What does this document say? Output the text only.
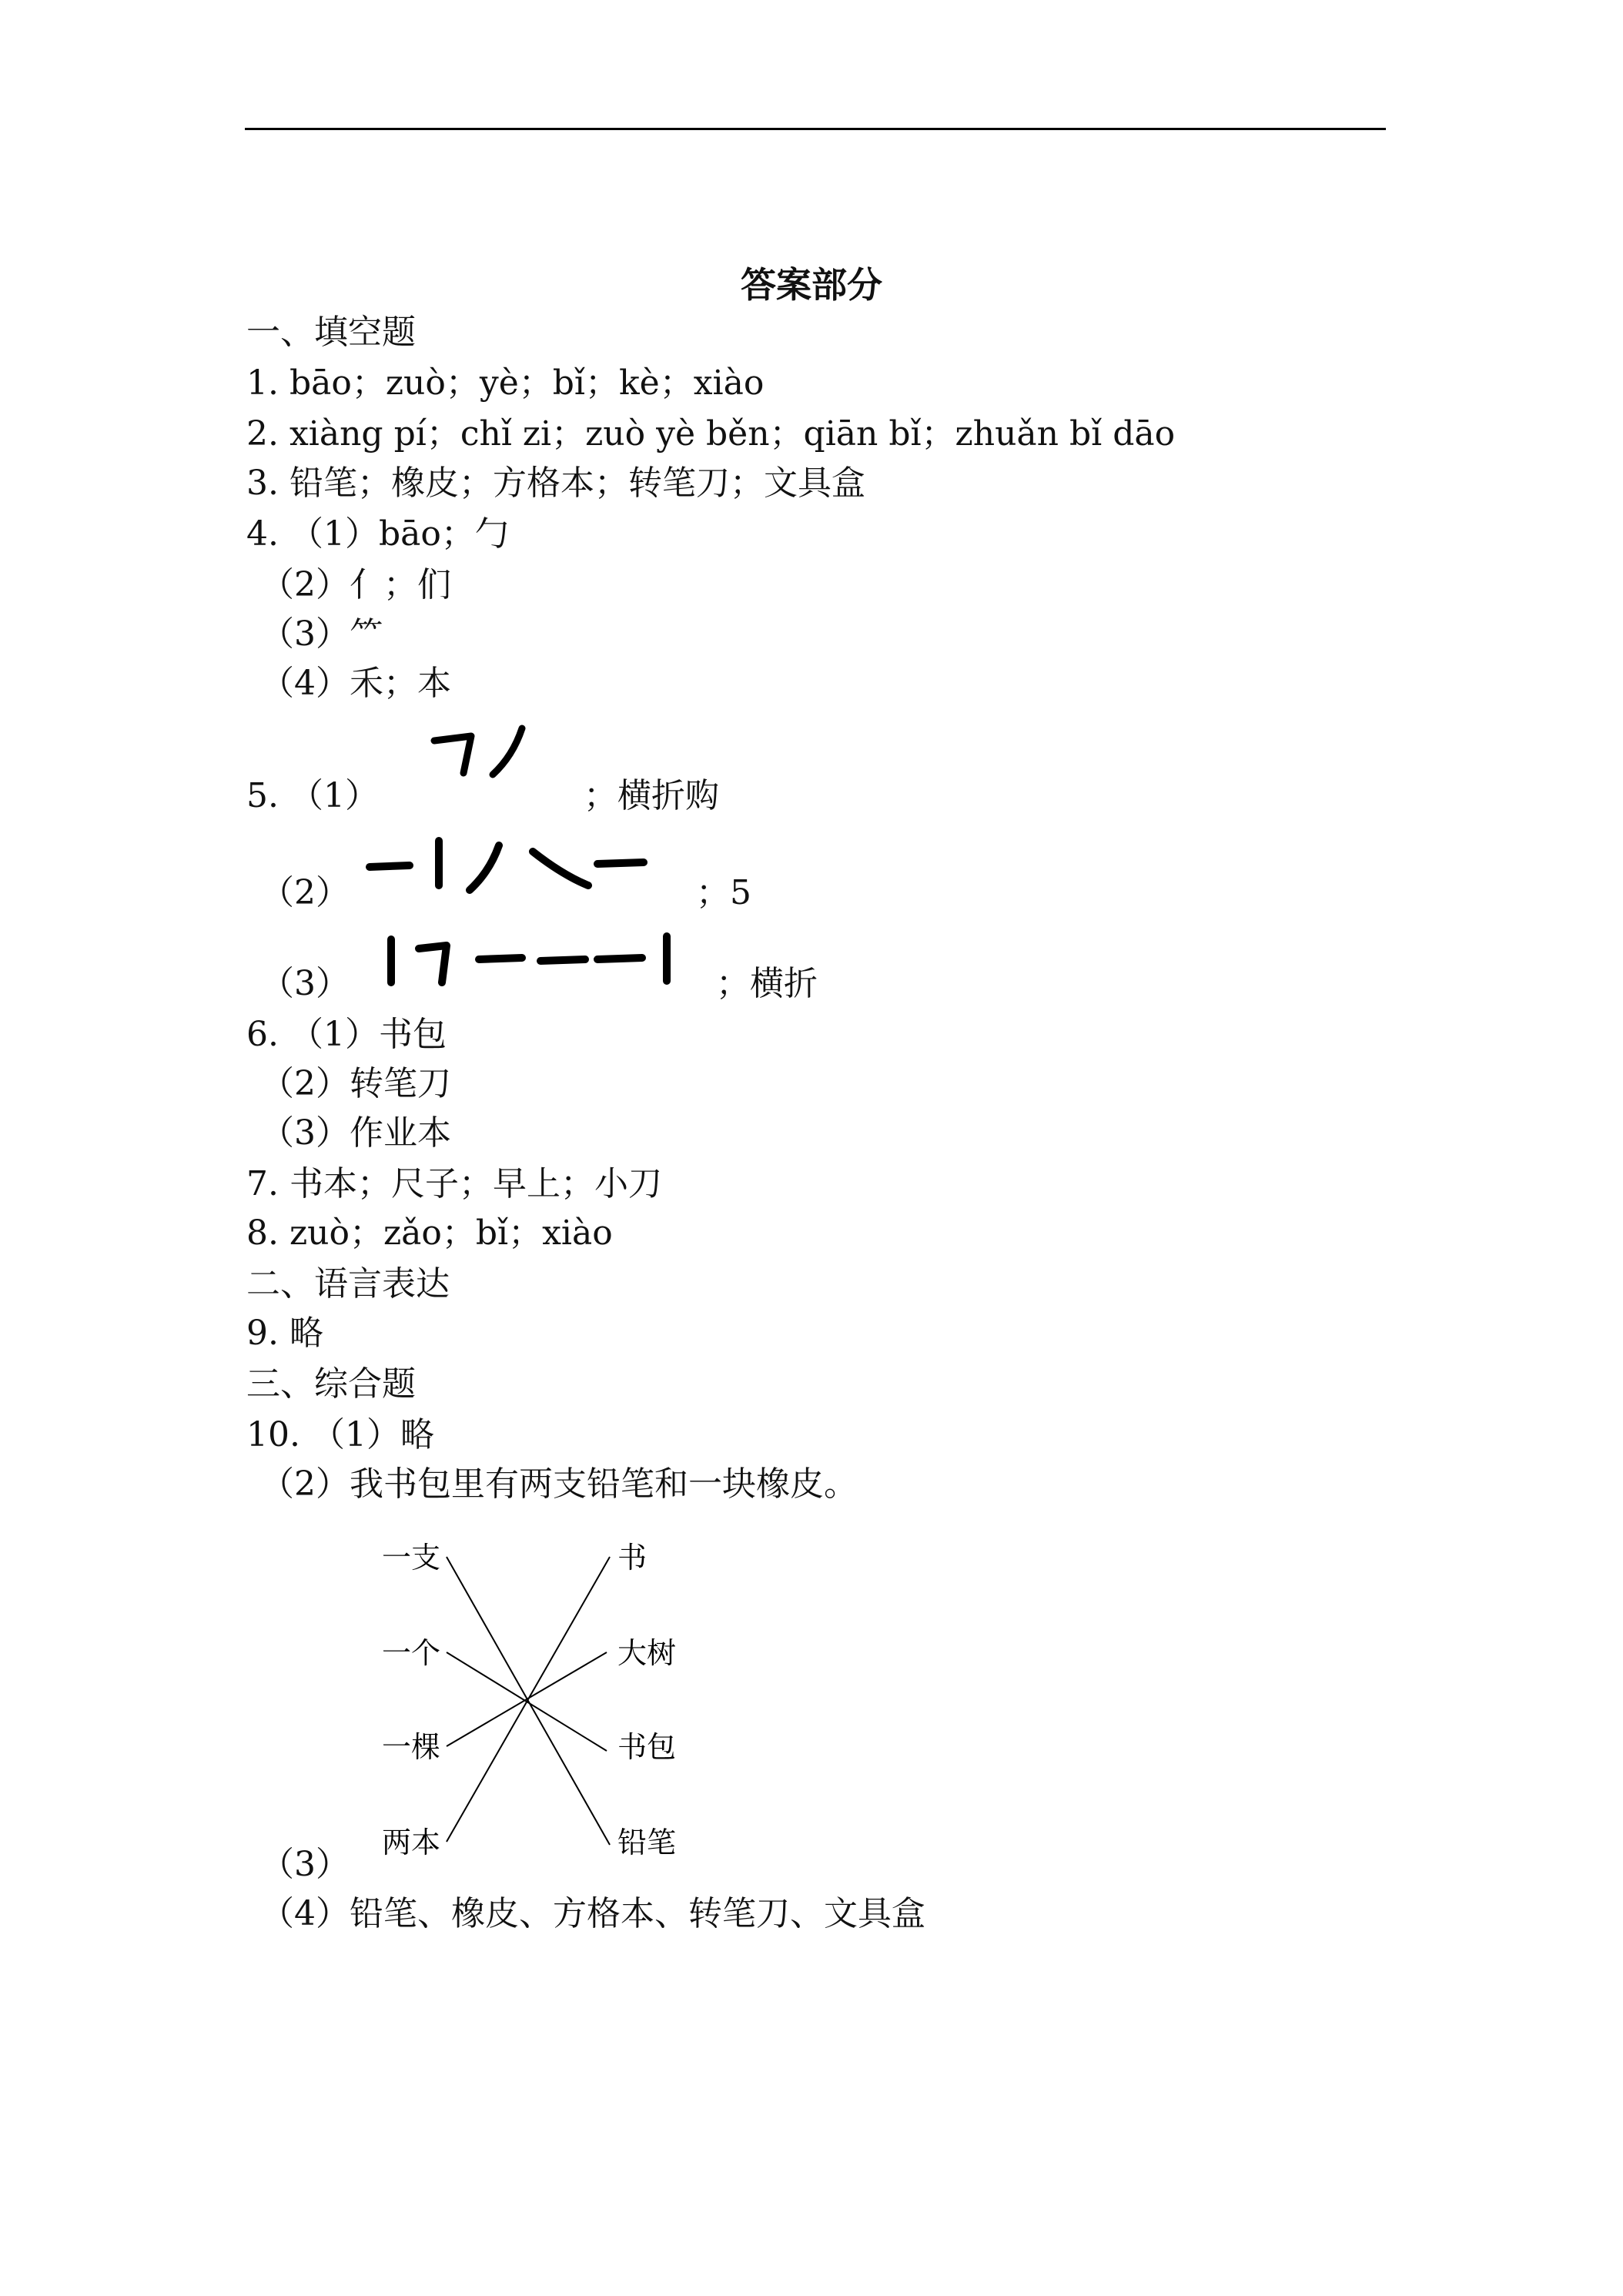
答案部分
一、填空题
1. bāo；zuò；yè；bǐ；kè；xiào
2. xiàng pí；chǐ zi；zuò yè běn；qiān bǐ；zhuǎn bǐ dāo
3. 铅笔；橡皮；方格本；转笔刀；文具盒
4. （1）bāo；勹
（2）亻；们
（3）⺮
（4）禾；本
5. （1）	；横折购
（2）	；5
（3）	；横折
6. （1）书包
（2）转笔刀
（3）作业本
7. 书本；尺子；早上；小刀
8. zuò；zǎo；bǐ；xiào
二、语言表达
9. 略
三、综合题
10. （1）略
（2）我书包里有两支铅笔和一块橡皮。
一支
一个
一棵
两本
书
大树
书包
铅笔
（3）
（4）铅笔、橡皮、方格本、转笔刀、文具盒
